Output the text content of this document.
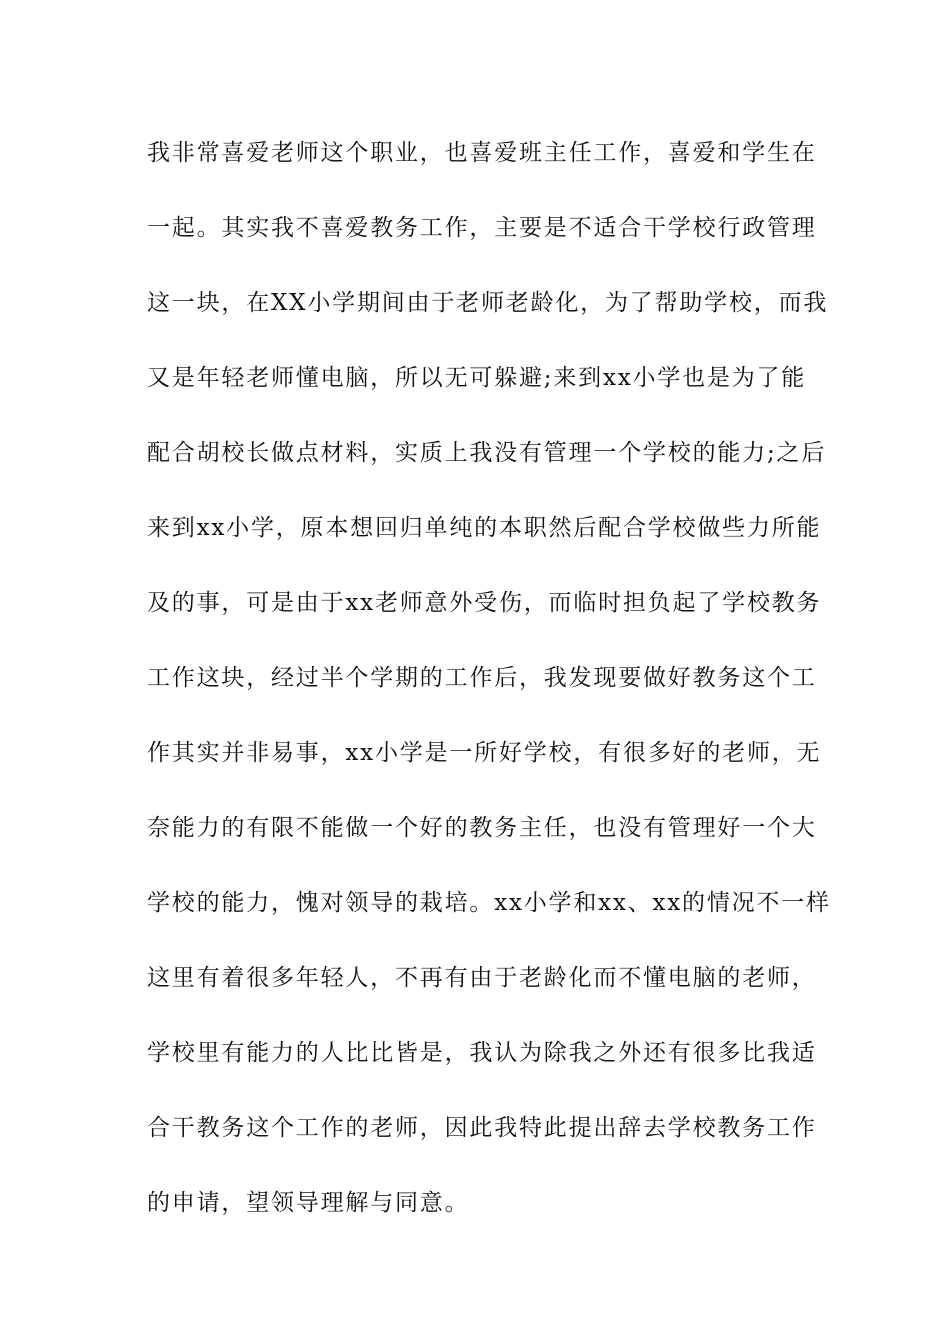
我非常喜爱老师这个职业，也喜爱班主任工作，喜爱和学生在
一起。其实我不喜爱教务工作，主要是不适合干学校行政管理
这一块，在XX小学期间由于老师老龄化，为了帮助学校，而我
又是年轻老师懂电脑，所以无可躲避;来到xx小学也是为了能
配合胡校长做点材料，实质上我没有管理一个学校的能力;之后
来到xx小学，原本想回归单纯的本职然后配合学校做些力所能
及的事，可是由于xx老师意外受伤，而临时担负起了学校教务
工作这块，经过半个学期的工作后，我发现要做好教务这个工
作其实并非易事，xx小学是一所好学校，有很多好的老师，无
奈能力的有限不能做一个好的教务主任，也没有管理好一个大
学校的能力，愧对领导的栽培。xx小学和xx、xx的情况不一样
这里有着很多年轻人，不再有由于老龄化而不懂电脑的老师，
学校里有能力的人比比皆是，我认为除我之外还有很多比我适
合干教务这个工作的老师，因此我特此提出辞去学校教务工作
的申请，望领导理解与同意。
